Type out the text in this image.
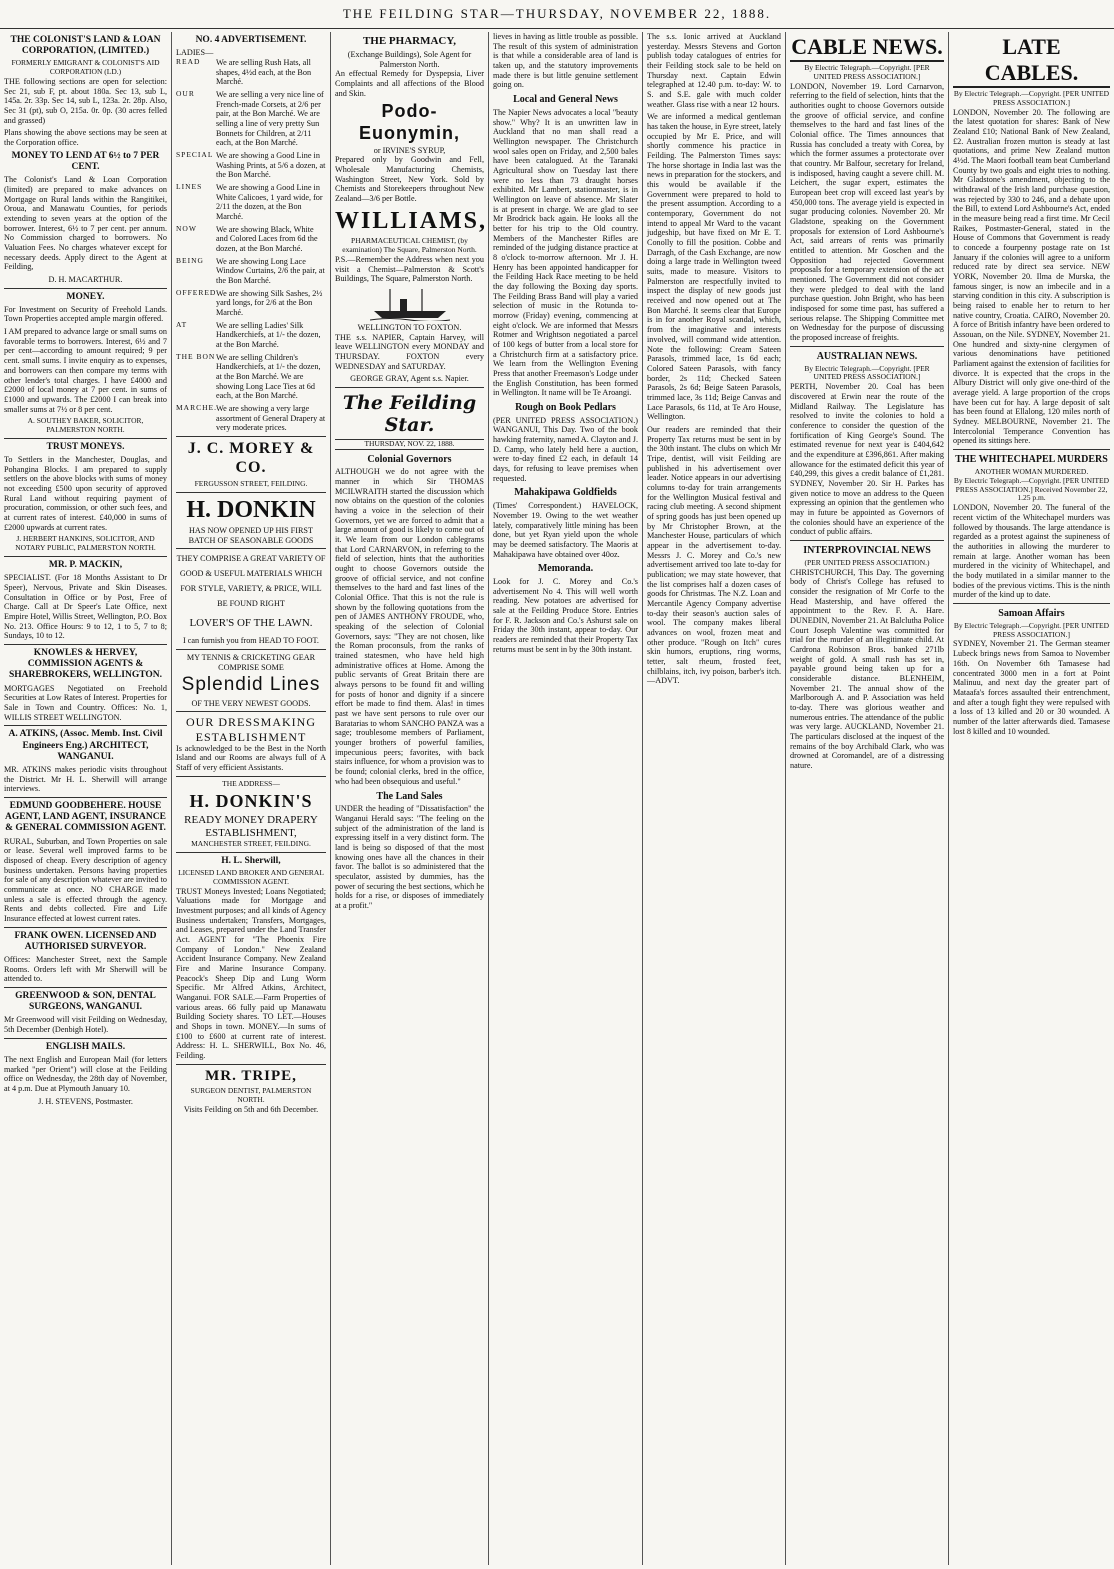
THE FEILDING STAR—THURSDAY, NOVEMBER 22, 1888.
THE COLONIST'S LAND & LOAN CORPORATION, (LIMITED.)
FORMERLY EMIGRANT & COLONIST'S AID CORPORATION (LD.)

THE following sections are open for selection: Sec 21, sub F, pt. about 180a. Sec 13, sub L, 145a. 2r. 33p. Sec 14, sub L, 123a. 2r. 28p. Also, Sec 31 (pt), sub O, 215a. 0r. 0p. (30 acres felled and grassed)

Plans showing the above sections may be seen at the Corporation office.

MONEY TO LEND AT 6½ to 7 PER CENT.

The Colonist's Land & Loan Corporation (limited) are prepared to make advances on Mortgage on Rural lands within the Rangitikei, Oroua, and Manawatu Counties, for periods extending to seven years at the option of the borrower. Interest, 6½ to 7 per cent. per annum. No Commission charged to borrowers. No Valuation Fees. No charges whatever except for necessary deeds. Apply direct to the Agent at Feilding,

D. H. MACARTHUR.
MONEY.

For Investment on Security of Freehold Lands. Town Properties accepted ample margin offered.

I AM prepared to advance large or small sums on favorable terms to borrowers. Interest, 6½ and 7 per cent—according to amount required; 9 per cent. small sums. I invite enquiry as to expenses, and borrowers can then compare my terms with other lender's total charges. I have £4000 and £2000 of local money at 7 per cent. in sums of £1000 and upwards. The £2000 I can break into smaller sums at 7½ or 8 per cent.

A. SOUTHEY BAKER, SOLICITOR, PALMERSTON NORTH.
TRUST MONEYS.

To Settlers in the Manchester, Douglas, and Pohangina Blocks. I am prepared to supply settlers on the above blocks with sums of money not exceeding £500 upon security of approved Rural Land without requiring payment of procuration, commission, or other such fees, and at current rates of interest. £40,000 in sums of £2000 upwards at current rates.

J. HERBERT HANKINS, SOLICITOR, AND NOTARY PUBLIC, PALMERSTON NORTH.
MR. P. MACKIN,

SPECIALIST. (For 18 Months Assistant to Dr Speer), Nervous, Private and Skin Diseases. Consultation in Office or by Post, Free of Charge. Call at Dr Speer's Late Office, next Empire Hotel, Willis Street, Wellington, P.O. Box No. 213. Office Hours: 9 to 12, 1 to 5, 7 to 8; Sundays, 10 to 12.

KNOWLES & HERVEY, COMMISSION AGENTS & SHAREBROKERS, WELLINGTON.

MORTGAGES Negotiated on Freehold Securities at Low Rates of Interest. Properties for Sale in Town and Country. Offices: No. 1, WILLIS STREET WELLINGTON.

A. ATKINS, (Assoc. Memb. Inst. Civil Engineers Eng.) ARCHITECT, WANGANUI.

MR. ATKINS makes periodic visits throughout the District. Mr H. L. Sherwill will arrange interviews.

EDMUND GOODBEHERE. HOUSE AGENT, LAND AGENT, INSURANCE & GENERAL COMMISSION AGENT.

RURAL, Suburban, and Town Properties on sale or lease. Several well improved farms to be disposed of cheap. Every description of agency business undertaken. Persons having properties for sale of any description whatever are invited to communicate at once. NO CHARGE made unless a sale is effected through the agency. Rents and debts collected. Fire and Life Insurance effected at lowest current rates.

FRANK OWEN. LICENSED AND AUTHORISED SURVEYOR.

Offices: Manchester Street, next the Sample Rooms. Orders left with Mr Sherwill will be attended to.

GREENWOOD & SON, DENTAL SURGEONS, WANGANUI.

Mr Greenwood will visit Feilding on Wednesday, 5th December (Denbigh Hotel).

ENGLISH MAILS.

The next English and European Mail (for letters marked "per Orient") will close at the Feilding office on Wednesday, the 28th day of November, at 4 p.m. Due at Plymouth January 10.

J. H. STEVENS, Postmaster.
NO. 4 ADVERTISEMENT.
LADIES—
READ	We are selling Rush Hats, all shapes, 4½d each, at the Bon Marché.
OUR	We are selling a very nice line of French-made Corsets, at 2/6 per pair, at the Bon Marché. We are selling a line of very pretty Sun Bonnets for Children, at 2/11 each, at the Bon Marché.
SPECIAL We are showing a Good Line in Washing Prints, at 5/6 a dozen, at the Bon Marché.
LINES	We are showing a Good Line in White Calicoes, 1 yard wide, for 2/11 the dozen, at the Bon Marché.
NOW	We are showing Black, White and Colored Laces from 6d the dozen, at the Bon Marché.
BEING	We are showing Long Lace Window Curtains, 2/6 the pair, at the Bon Marché.
OFFERED We are showing Silk Sashes, 2½ yard longs, for 2/6 at the Bon Marché.
AT	We are selling Ladies' Silk Handkerchiefs, at 1/- the dozen, at the Bon Marché.
THE BON We are selling Children's Handkerchiefs, at 1/- the dozen, at the Bon Marché. We are showing Long Lace Ties at 6d each, at the Bon Marché.
MARCHE. We are showing a very large assortment of General Drapery at very moderate prices.
J. C. MOREY & CO.
FERGUSSON STREET, FEILDING.
H. DONKIN
HAS NOW OPENED UP HIS FIRST BATCH OF SEASONABLE GOODS
THEY COMPRISE A GREAT VARIETY OF GOOD & USEFUL MATERIALS WHICH FOR STYLE, VARIETY, & PRICE, WILL BE FOUND RIGHT
LOVER'S OF THE LAWN.
I can furnish you from HEAD TO FOOT.
MY TENNIS & CRICKETING GEAR COMPRISE SOME
Splendid Lines
OF THE VERY NEWEST GOODS.
OUR DRESSMAKING ESTABLISHMENT

Is acknowledged to be the Best in the North Island and our Rooms are always full of A Staff of very efficient Assistants.

THE ADDRESS—
H. DONKIN'S
READY MONEY DRAPERY ESTABLISHMENT,
MANCHESTER STREET, FEILDING.
H. L. Sherwill,
LICENSED LAND BROKER AND GENERAL COMMISSION AGENT.

TRUST Moneys Invested; Loans Negotiated; Valuations made for Mortgage and Investment purposes; and all kinds of Agency Business undertaken; Transfers, Mortgages, and Leases, prepared under the Land Transfer Act. AGENT for "The Phoenix Fire Company of London." New Zealand Accident Insurance Company. New Zealand Fire and Marine Insurance Company. Peacock's Sheep Dip and Lung Worm Specific. Mr Alfred Atkins, Architect, Wanganui. FOR SALE.—Farm Properties of various areas. 66 fully paid up Manawatu Building Society shares. TO LET.—Houses and Shops in town. MONEY.—In sums of £100 to £600 at current rate of interest. Address: H. L. SHERWILL, Box No. 46, Feilding.

MR. TRIPE,
SURGEON DENTIST, PALMERSTON NORTH.
Visits Feilding on 5th and 6th December.
THE PHARMACY,
(Exchange Buildings), Sole Agent for Palmerston North.

An effectual Remedy for Dyspepsia, Liver Complaints and all affections of the Blood and Skin.

Podo-Euonymin,
or IRVINE'S SYRUP,

Prepared only by Goodwin and Fell, Wholesale Manufacturing Chemists, Washington Street, New York. Sold by Chemists and Storekeepers throughout New Zealand—3/6 per Bottle.

WILLIAMS,
PHARMACEUTICAL CHEMIST, (by examination) The Square, Palmerston North.

P.S.—Remember the Address when next you visit a Chemist—Palmerston & Scott's Buildings, The Square, Palmerston North.

WELLINGTON TO FOXTON.

THE s.s. NAPIER, Captain Harvey, will leave WELLINGTON every MONDAY and THURSDAY. FOXTON every WEDNESDAY and SATURDAY.

GEORGE GRAY, Agent s.s. Napier.
The Feilding Star.
THURSDAY, NOV. 22, 1888.
Colonial Governors

ALTHOUGH we do not agree with the manner in which Sir THOMAS MCILWRAITH started the discussion which now obtains on the question of the colonies having a voice in the selection of their Governors, yet we are forced to admit that a large amount of good is likely to come out of it. We learn from our London cablegrams that Lord CARNARVON, in referring to the field of selection, hints that the authorities ought to choose Governors outside the groove of official service, and not confine themselves to the hard and fast lines of the Colonial Office. That this is not the rule is shown by the following quotations from the pen of JAMES ANTHONY FROUDE, who, speaking of the selection of Colonial Governors, says: "They are not chosen, like the Roman proconsuls, from the ranks of trained statesmen, who have held high administrative offices at Home. Among the public servants of Great Britain there are always persons to be found fit and willing for posts of honor and dignity if a sincere effort be made to find them. Alas! in times past we have sent persons to rule over our Baratarias to whom SANCHO PANZA was a sage; troublesome members of Parliament, younger brothers of powerful families, impecunious peers; favorites, with back stairs influence, for whom a provision was to be found; colonial clerks, bred in the office, who had been obsequious and useful."

The Land Sales

UNDER the heading of "Dissatisfaction" the Wanganui Herald says: "The feeling on the subject of the administration of the land is expressing itself in a very distinct form. The land is being so disposed of that the most knowing ones have all the chances in their favor. The ballot is so administered that the speculator, assisted by dummies, has the power of securing the best sections, which he holds for a rise, or disposes of immediately at a profit."

lieves in having as little trouble as possible. The result of this system of administration is that while a considerable area of land is taken up, and the statutory improvements made there is but little genuine settlement going on.

Local and General News

The Napier News advocates a local "beauty show." Why? It is an unwritten law in Auckland that no man shall read a Wellington newspaper. The Christchurch wool sales open on Friday, and 2,500 bales have been catalogued. At the Taranaki Agricultural show on Tuesday last there were no less than 73 draught horses exhibited. Mr Lambert, stationmaster, is in Wellington on leave of absence. Mr Slater is at present in charge. We are glad to see Mr Brodrick back again. He looks all the better for his trip to the Old country. Members of the Manchester Rifles are reminded of the judging distance practice at 8 o'clock to-morrow afternoon. Mr J. H. Henry has been appointed handicapper for the Feilding Hack Race meeting to be held the day following the Boxing day sports. The Feilding Brass Band will play a varied selection of music in the Rotunda to-morrow (Friday) evening, commencing at eight o'clock. We are informed that Messrs Rotmer and Wrightson negotiated a parcel of 100 kegs of butter from a local store for a Christchurch firm at a satisfactory price. We learn from the Wellington Evening Press that another Freemason's Lodge under the English Constitution, has been formed in Wellington. It name will be Te Aroangi.

Rough on Book Pedlars

(PER UNITED PRESS ASSOCIATION.) WANGANUI, This Day. Two of the book hawking fraternity, named A. Clayton and J. D. Camp, who lately held here a auction, were to-day fined £2 each, in default 14 days, for refusing to leave premises when requested.

Mahakipawa Goldfields

(Times' Correspondent.) HAVELOCK, November 19. Owing to the wet weather lately, comparatively little mining has been done, but yet Ryan yield upon the whole may be deemed satisfactory. The Maoris at Mahakipawa have obtained over 40oz.

Memoranda.

Look for J. C. Morey and Co.'s advertisement No 4. This will well worth reading. New potatoes are advertised for sale at the Feilding Produce Store. Entries for F. R. Jackson and Co.'s Ashurst sale on Friday the 30th instant, appear to-day. Our readers are reminded that their Property Tax returns must be sent in by the 30th instant.

The s.s. Ionic arrived at Auckland yesterday. Messrs Stevens and Gorton publish today catalogues of entries for their Feilding stock sale to be held on Thursday next. Captain Edwin telegraphed at 12.40 p.m. to-day: W. to S. and S.E. gale with much colder weather. Glass rise with a near 12 hours.

We are informed a medical gentleman has taken the house, in Eyre street, lately occupied by Mr E. Price, and will shortly commence his practice in Feilding. The Palmerston Times says: The horse shortage in India last was the news in preparation for the stockers, and this would be available if the Government were prepared to hold to the present assumption. According to a contemporary, Government do not intend to appeal Mr Ward to the vacant judgeship, but have fixed on Mr E. T. Conolly to fill the position. Cobbe and Darragh, of the Cash Exchange, are now doing a large trade in Wellington tweed suits, made to measure. Visitors to Palmerston are respectfully invited to inspect the display of new goods just received and now opened out at The Bon Marché. It seems clear that Europe is in for another Royal scandal, which, from the imaginative and interests involved, will command wide attention. Note the following: Cream Sateen Parasols, trimmed lace, 1s 6d each; Colored Sateen Parasols, with fancy border, 2s 11d; Checked Sateen Parasols, 2s 6d; Beige Sateen Parasols, trimmed lace, 3s 11d; Beige Canvas and Lace Parasols, 6s 11d, at Te Aro House, Wellington.

Our readers are reminded that their Property Tax returns must be sent in by the 30th instant. The clubs on which Mr Tripe, dentist, will visit Feilding are published in his advertisement over leader. Notice appears in our advertising columns to-day for train arrangements for the Wellington Musical festival and racing club meeting. A second shipment of spring goods has just been opened up by Mr Christopher Brown, at the Manchester House, particulars of which appear in the advertisement to-day. Messrs J. C. Morey and Co.'s new advertisement arrived too late to-day for publication; we may state however, that the list comprises half a dozen cases of goods for Christmas. The N.Z. Loan and Mercantile Agency Company advertise to-day their season's auction sales of wool. The company makes liberal advances on wool, frozen meat and other produce. "Rough on Itch" cures skin humors, eruptions, ring worms, tetter, salt rheum, frosted feet, chilblains, itch, ivy poison, barber's itch.—ADVT.

CABLE NEWS.
By Electric Telegraph.—Copyright. [PER UNITED PRESS ASSOCIATION.]

LONDON, November 19. Lord Carnarvon, referring to the field of selection, hints that the authorities ought to choose Governors outside the groove of official service, and confine themselves to the hard and fast lines of the Colonial office. The Times announces that Russia has concluded a treaty with Corea, by which the former assumes a protectorate over that country. Mr Balfour, secretary for Ireland, is indisposed, having caught a severe chill. M. Leichert, the sugar expert, estimates the European beet crop will exceed last year's by 450,000 tons. The average yield is expected in sugar producing colonies. November 20. Mr Gladstone, speaking on the Government proposals for extension of Lord Ashbourne's Act, said arrears of rents was primarily entitled to attention. Mr Goschen and the Opposition had rejected Government proposals for a temporary extension of the act mentioned. The Government did not consider they were pledged to deal with the land purchase question. John Bright, who has been indisposed for some time past, has suffered a serious relapse. The Shipping Committee met on Wednesday for the purpose of discussing the proposed increase of freights.

AUSTRALIAN NEWS.
By Electric Telegraph.—Copyright. [PER UNITED PRESS ASSOCIATION.]

PERTH, November 20. Coal has been discovered at Erwin near the route of the Midland Railway. The Legislature has resolved to invite the colonies to hold a conference to consider the question of the fortification of King George's Sound. The estimated revenue for next year is £404,642 and the expenditure at £396,861. After making allowance for the estimated deficit this year of £40,299, this gives a credit balance of £1,281. SYDNEY, November 20. Sir H. Parkes has given notice to move an address to the Queen expressing an opinion that the gentlemen who may in future be appointed as Governors of the colonies should have an experience of the conduct of public affairs.

INTERPROVINCIAL NEWS
(PER UNITED PRESS ASSOCIATION.)

CHRISTCHURCH, This Day. The governing body of Christ's College has refused to consider the resignation of Mr Corfe to the Head Mastership, and have offered the appointment to the Rev. F. A. Hare. DUNEDIN, November 21. At Balclutha Police Court Joseph Valentine was committed for trial for the murder of an illegitimate child. At Cardrona Robinson Bros. banked 271lb weight of gold. A small rush has set in, payable ground being taken up for a considerable distance. BLENHEIM, November 21. The annual show of the Marlborough A. and P. Association was held to-day. There was glorious weather and numerous entries. The attendance of the public was very large. AUCKLAND, November 21. The particulars disclosed at the inquest of the remains of the boy Archibald Clark, who was drowned at Coromandel, are of a distressing nature.

LATE CABLES.
By Electric Telegraph.—Copyright. [PER UNITED PRESS ASSOCIATION.]

LONDON, November 20. The following are the latest quotation for shares: Bank of New Zealand £10; National Bank of New Zealand, £2. Australian frozen mutton is steady at last quotations, and prime New Zealand mutton 4½d. The Maori football team beat Cumberland County by two goals and eight tries to nothing. Mr Gladstone's amendment, objecting to the withdrawal of the Irish land purchase question, was rejected by 330 to 246, and a debate upon the Bill, to extend Lord Ashbourne's Act, ended in the measure being read a first time. Mr Cecil Raikes, Postmaster-General, stated in the House of Commons that Government is ready to concede a fourpenny postage rate on 1st January if the colonies will agree to a uniform reduced rate by direct sea service. NEW YORK, November 20. Ilma de Murska, the famous singer, is now an imbecile and in a starving condition in this city. A subscription is being raised to enable her to return to her native country, Croatia. CAIRO, November 20. A force of British infantry have been ordered to Assouan, on the Nile. SYDNEY, November 21. One hundred and sixty-nine clergymen of various denominations have petitioned Parliament against the extension of facilities for divorce. It is expected that the crops in the Albury District will only give one-third of the average yield. A large proportion of the crops have been cut for hay. A large deposit of salt has been found at Ellalong, 120 miles north of Sydney. MELBOURNE, November 21. The Intercolonial Temperance Convention has opened its sittings here.

THE WHITECHAPEL MURDERS
ANOTHER WOMAN MURDERED.
By Electric Telegraph.—Copyright. [PER UNITED PRESS ASSOCIATION.] Received November 22, 1.25 p.m.

LONDON, November 20. The funeral of the recent victim of the Whitechapel murders was followed by thousands. The large attendance is regarded as a protest against the supineness of the authorities in allowing the murderer to remain at large. Another woman has been murdered in the vicinity of Whitechapel, and the body mutilated in a similar manner to the bodies of the previous victims. This is the ninth murder of the kind up to date.

Samoan Affairs
By Electric Telegraph.—Copyright. [PER UNITED PRESS ASSOCIATION.]

SYDNEY, November 21. The German steamer Lubeck brings news from Samoa to November 16th. On November 6th Tamasese had concentrated 3000 men in a fort at Point Malinuu, and next day the greater part of Mataafa's forces assaulted their entrenchment, and after a tough fight they were repulsed with a loss of 13 killed and 20 or 30 wounded. A number of the latter afterwards died. Tamasese lost 8 killed and 10 wounded.
